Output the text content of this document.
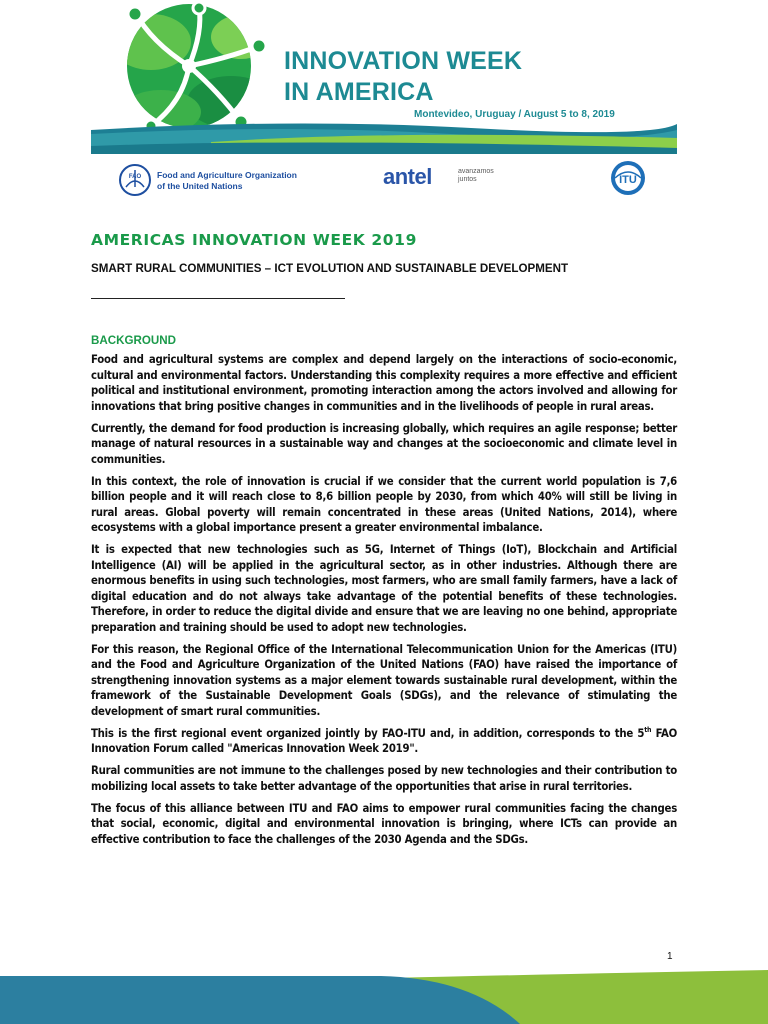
INNOVATION WEEK
IN AMERICA
Montevideo, Uruguay / August 5 to 8, 2019
FAO Food and Agriculture Organization
of the United Nations	antel	avanzamos
juntos	ITU
AMERICAS INNOVATION WEEK 2019
SMART RURAL COMMUNITIES – ICT EVOLUTION AND SUSTAINABLE DEVELOPMENT
BACKGROUND

Food and agricultural systems are complex and depend largely on the interactions of socio-economic, cultural and environmental factors. Understanding this complexity requires a more effective and efficient political and institutional environment, promoting interaction among the actors involved and allowing for innovations that bring positive changes in communities and in the livelihoods of people in rural areas.

Currently, the demand for food production is increasing globally, which requires an agile response; better manage of natural resources in a sustainable way and changes at the socioeconomic and climate level in communities.

In this context, the role of innovation is crucial if we consider that the current world population is 7,6 billion people and it will reach close to 8,6 billion people by 2030, from which 40% will still be living in rural areas. Global poverty will remain concentrated in these areas (United Nations, 2014), where ecosystems with a global importance present a greater environmental imbalance.

It is expected that new technologies such as 5G, Internet of Things (IoT), Blockchain and Artificial Intelligence (AI) will be applied in the agricultural sector, as in other industries. Although there are enormous benefits in using such technologies, most farmers, who are small family farmers, have a lack of digital education and do not always take advantage of the potential benefits of these technologies. Therefore, in order to reduce the digital divide and ensure that we are leaving no one behind, appropriate preparation and training should be used to adopt new technologies.

For this reason, the Regional Office of the International Telecommunication Union for the Americas (ITU) and the Food and Agriculture Organization of the United Nations (FAO) have raised the importance of strengthening innovation systems as a major element towards sustainable rural development, within the framework of the Sustainable Development Goals (SDGs), and the relevance of stimulating the development of smart rural communities.

This is the first regional event organized jointly by FAO-ITU and, in addition, corresponds to the 5th FAO Innovation Forum called "Americas Innovation Week 2019".

Rural communities are not immune to the challenges posed by new technologies and their contribution to mobilizing local assets to take better advantage of the opportunities that arise in rural territories.

The focus of this alliance between ITU and FAO aims to empower rural communities facing the changes that social, economic, digital and environmental innovation is bringing, where ICTs can provide an effective contribution to face the challenges of the 2030 Agenda and the SDGs.

1
